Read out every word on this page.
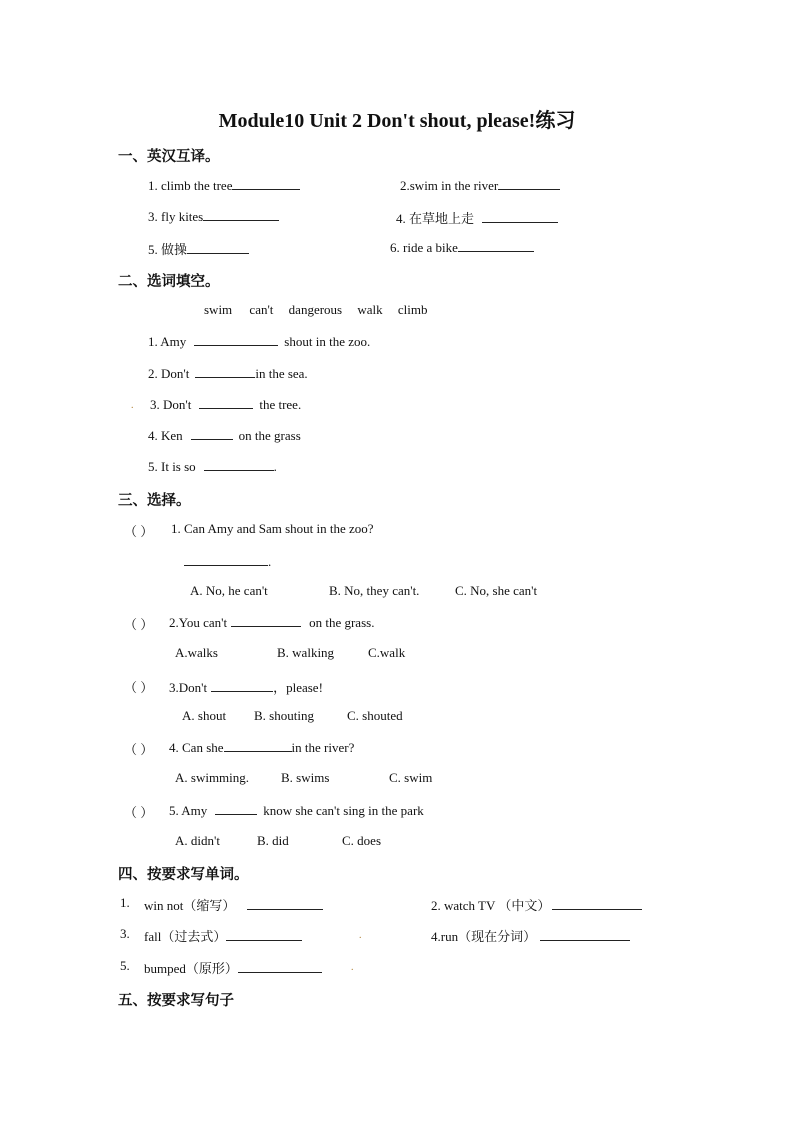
Module10 Unit 2 Don't shout, please!练习
一、英汉互译。
1. climb the tree	2.swim in the river
3. fly kites	4. 在草地上走
5. 做操	6. ride a bike
二、选词填空。
swim can't dangerous walk climb
1. Amy	shout in the zoo.
2. Don't	in the sea.
. 3. Don't	the tree.
4. Ken	on the grass
5. It is so	.
三、选择。
（ ） 1. Can Amy and Sam shout in the zoo?
.
A. No, he can't	B. No, they can't.	C. No, she can't
（ ） 2.You can't	on the grass.
A.walks	B. walking	C.walk
（ ） 3.Don't	，please!
A. shout B. shouting	C. shouted
（ ） 4. Can she	in the river?
A. swimming. B. swims	C. swim
（ ） 5. Amy	know she can't sing in the park
A. didn't	B. did	C. does
四、按要求写单词。
1. win not（缩写）	2. watch TV （中文）
3. fall（过去式）	.	4.run（现在分词）
5. bumped（原形）	.
五、按要求写句子
